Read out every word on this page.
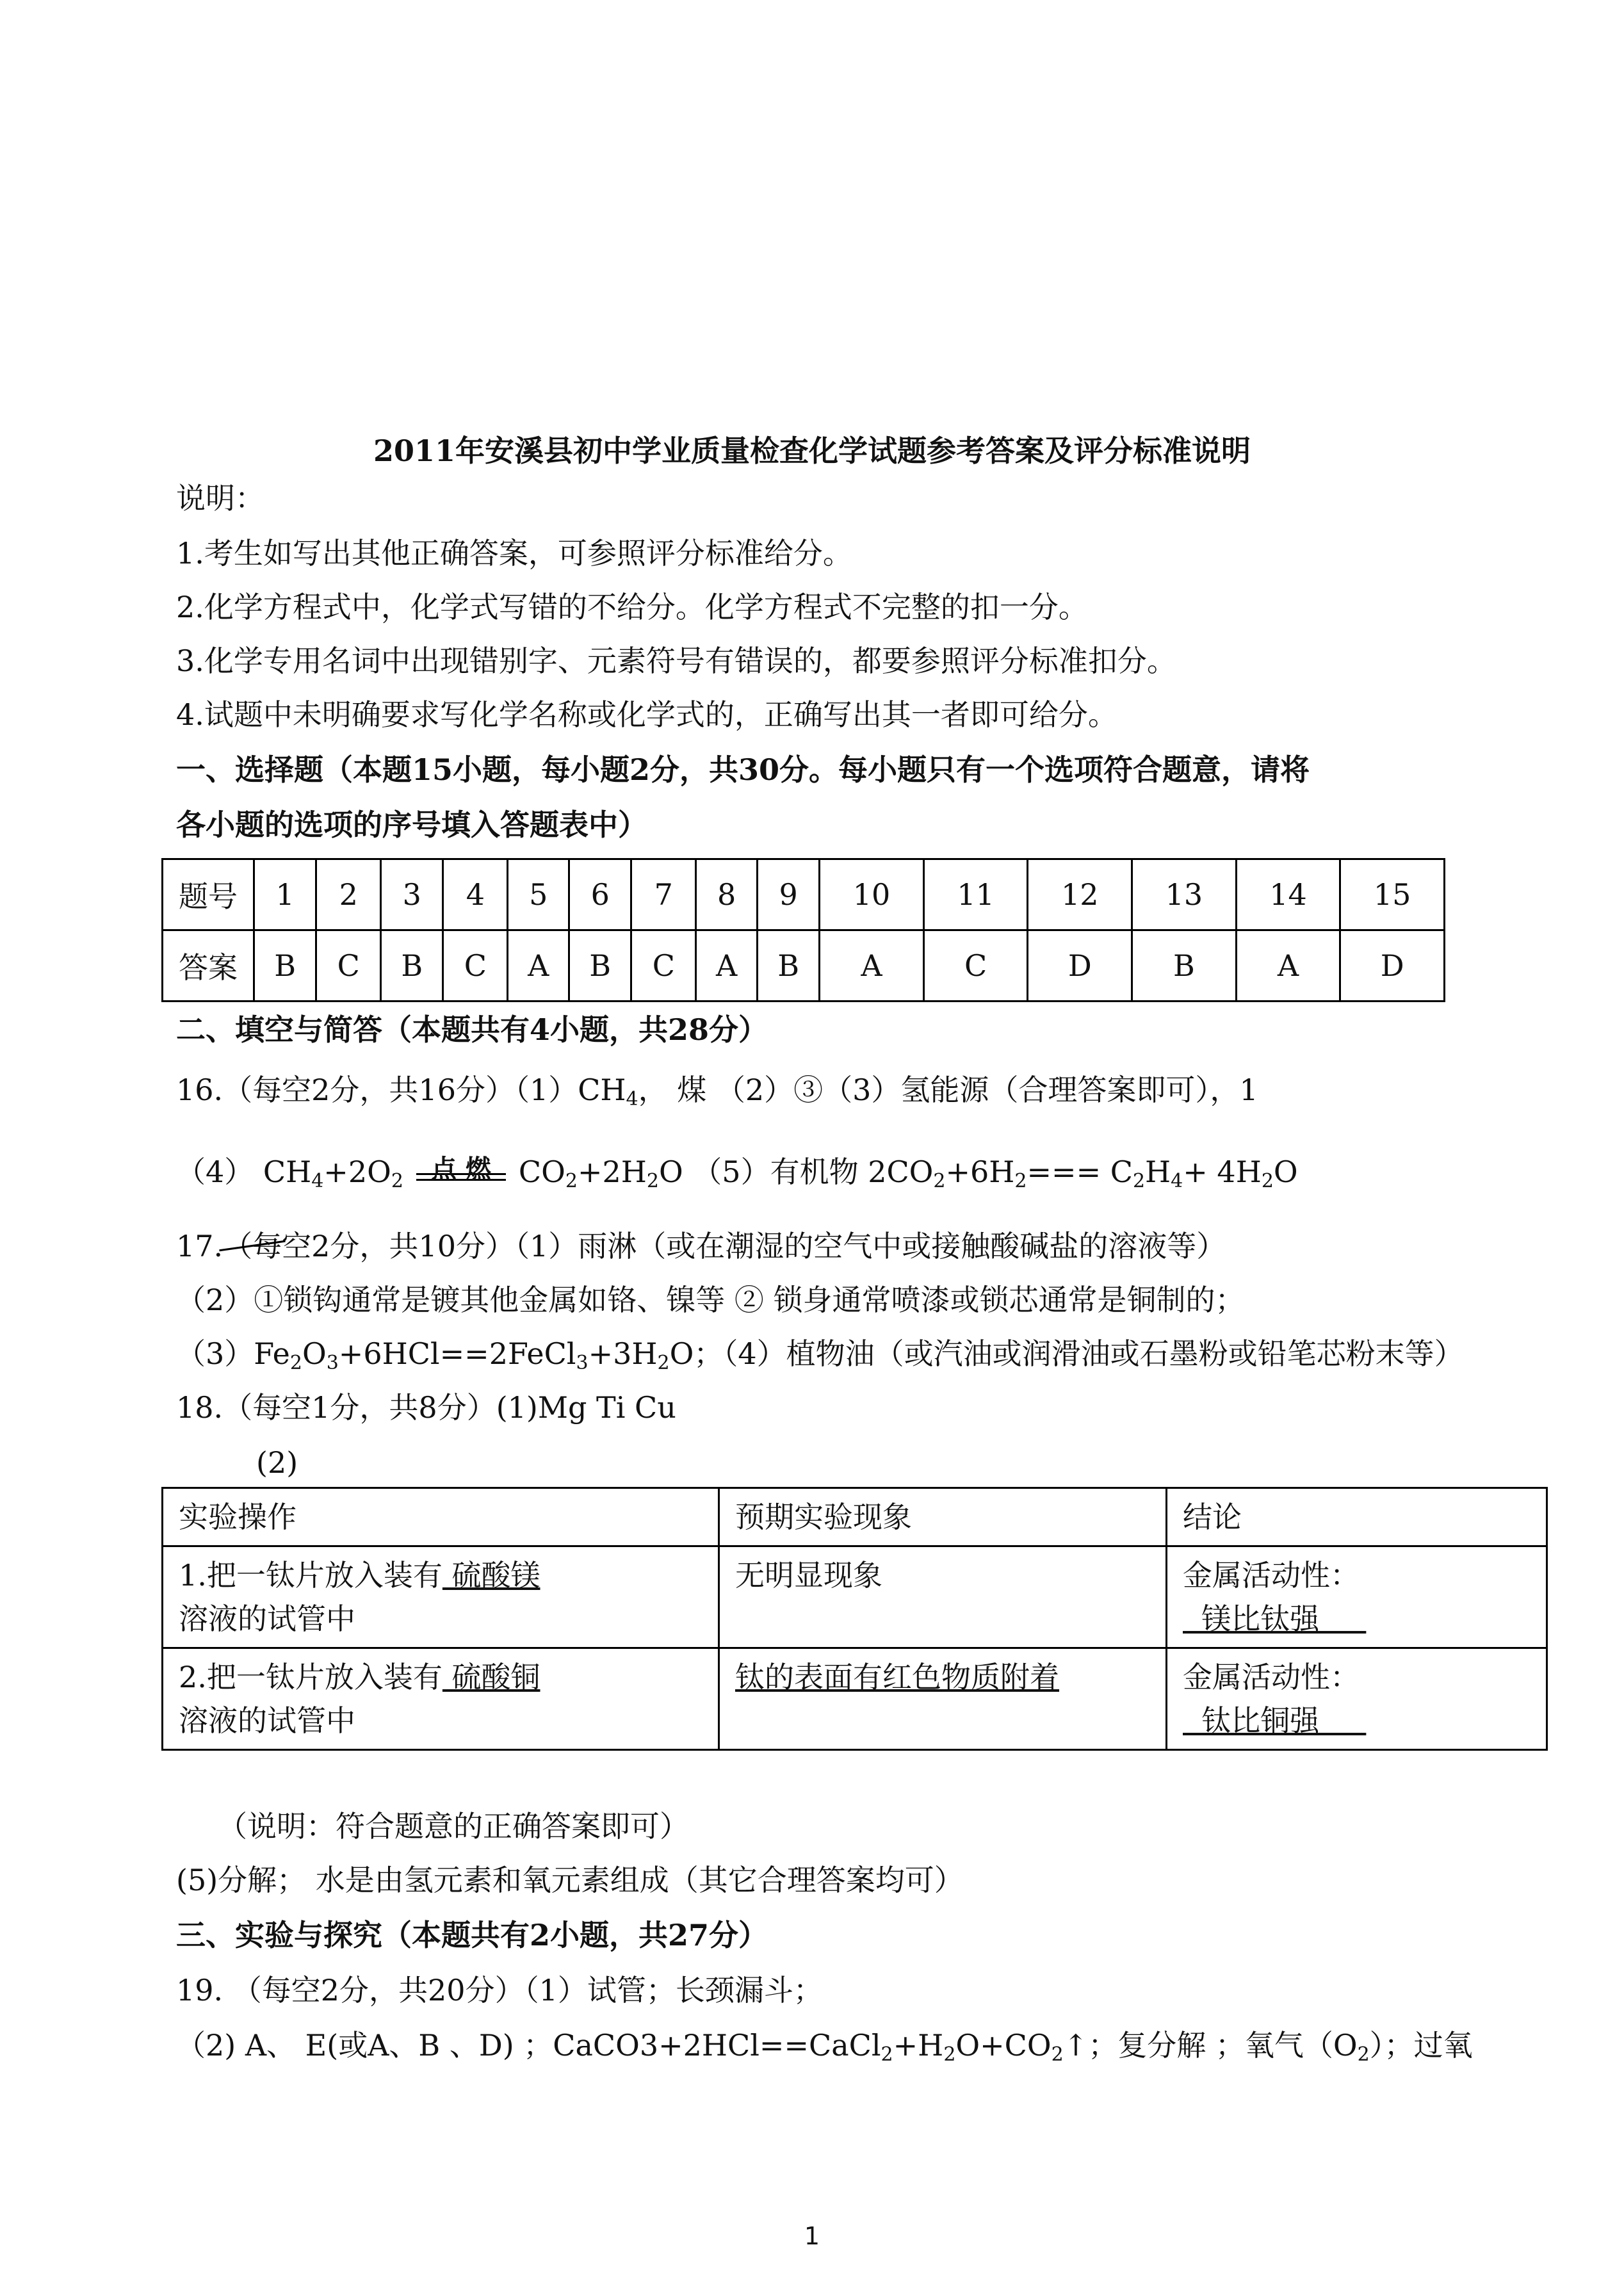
2011年安溪县初中学业质量检查化学试题参考答案及评分标准说明
说明：
1.考生如写出其他正确答案，可参照评分标准给分。
2.化学方程式中，化学式写错的不给分。化学方程式不完整的扣一分。
3.化学专用名词中出现错别字、元素符号有错误的，都要参照评分标准扣分。
4.试题中未明确要求写化学名称或化学式的，正确写出其一者即可给分。
一、选择题（本题15小题，每小题2分，共30分。每小题只有一个选项符合题意，请将
各小题的选项的序号填入答题表中）
题号	1	2	3	4	5	6	7	8	9	10	11	12	13	14	15
答案	B	C	B	C	A	B	C	A	B	A	C	D	B	A	D
二、填空与简答（本题共有4小题，共28分）
16.（每空2分，共16分）$(1)CH_4$， 煤 （2）③（3）氢能源（合理答案即可），1
（4） $CH_4+2O_2$	点 燃 $CO_2+2H_2O$ （5）有机物 $2CO_2+6H_2=== C_2H_4+ 4H_2O$
17.（每空2分，共10分）（1）雨淋（或在潮湿的空气中或接触酸碱盐的溶液等）
（2）①锁钩通常是镀其他金属如铬、镍等 ② 锁身通常喷漆或锁芯通常是铜制的；
$(3)Fe_2O_3+6HCl==2FeCl_3+3H_2O$；（4）植物油（或汽油或润滑油或石墨粉或铅笔芯粉末等）
18.（每空1分，共8分）(1)Mg Ti Cu
(2)
实验操作	预期实验现象	结论
1.把一钛片放入装有 硫酸镁
溶液的试管中	无明显现象	金属活动性：  镁比钛强
2.把一钛片放入装有 硫酸铜
溶液的试管中	钛的表面有红色物质附着	金属活动性：  钛比铜强
（说明：符合题意的正确答案即可）
(5)分解； 水是由氢元素和氧元素组成（其它合理答案均可）
三、实验与探究（本题共有2小题，共27分）
19. （每空2分，共20分）（1）试管；长颈漏斗；
（2) A、 E(或A、B 、D) ；$CaCO3+2HCl==CaCl_2+H_2O+CO_2↑$；复分解 ；氧气$(O_2)$；过氧
1
